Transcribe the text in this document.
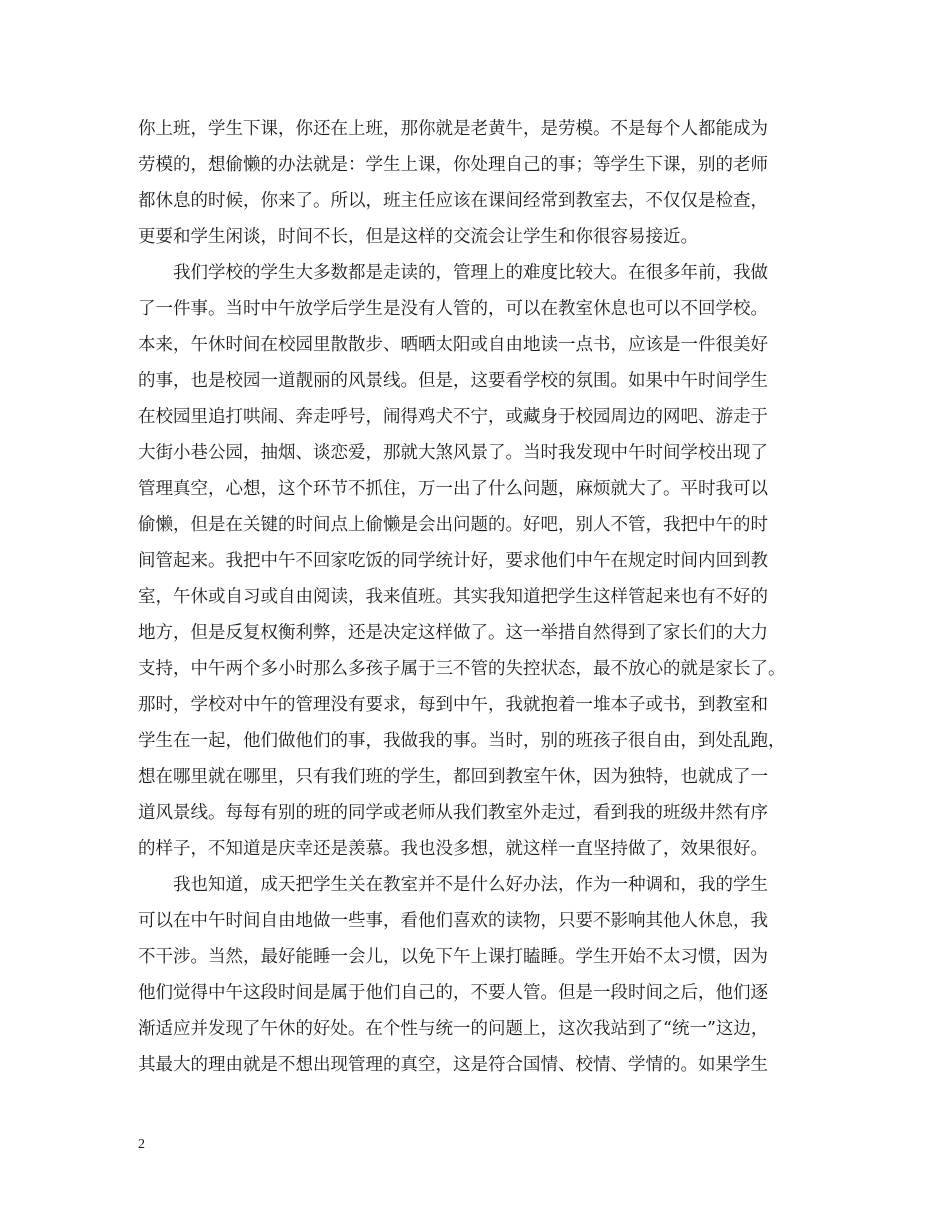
你上班，学生下课，你还在上班，那你就是老黄牛，是劳模。不是每个人都能成为
劳模的，想偷懒的办法就是：学生上课，你处理自己的事；等学生下课，别的老师
都休息的时候，你来了。所以，班主任应该在课间经常到教室去，不仅仅是检查，
更要和学生闲谈，时间不长，但是这样的交流会让学生和你很容易接近。
　　我们学校的学生大多数都是走读的，管理上的难度比较大。在很多年前，我做
了一件事。当时中午放学后学生是没有人管的，可以在教室休息也可以不回学校。
本来，午休时间在校园里散散步、晒晒太阳或自由地读一点书，应该是一件很美好
的事，也是校园一道靓丽的风景线。但是，这要看学校的氛围。如果中午时间学生
在校园里追打哄闹、奔走呼号，闹得鸡犬不宁，或藏身于校园周边的网吧、游走于
大街小巷公园，抽烟、谈恋爱，那就大煞风景了。当时我发现中午时间学校出现了
管理真空，心想，这个环节不抓住，万一出了什么问题，麻烦就大了。平时我可以
偷懒，但是在关键的时间点上偷懒是会出问题的。好吧，别人不管，我把中午的时
间管起来。我把中午不回家吃饭的同学统计好，要求他们中午在规定时间内回到教
室，午休或自习或自由阅读，我来值班。其实我知道把学生这样管起来也有不好的
地方，但是反复权衡利弊，还是决定这样做了。这一举措自然得到了家长们的大力
支持，中午两个多小时那么多孩子属于三不管的失控状态，最不放心的就是家长了。
那时，学校对中午的管理没有要求，每到中午，我就抱着一堆本子或书，到教室和
学生在一起，他们做他们的事，我做我的事。当时，别的班孩子很自由，到处乱跑，
想在哪里就在哪里，只有我们班的学生，都回到教室午休，因为独特，也就成了一
道风景线。每每有别的班的同学或老师从我们教室外走过，看到我的班级井然有序
的样子，不知道是庆幸还是羡慕。我也没多想，就这样一直坚持做了，效果很好。
　　我也知道，成天把学生关在教室并不是什么好办法，作为一种调和，我的学生
可以在中午时间自由地做一些事，看他们喜欢的读物，只要不影响其他人休息，我
不干涉。当然，最好能睡一会儿，以免下午上课打瞌睡。学生开始不太习惯，因为
他们觉得中午这段时间是属于他们自己的，不要人管。但是一段时间之后，他们逐
渐适应并发现了午休的好处。在个性与统一的问题上，这次我站到了“统一”这边，
其最大的理由就是不想出现管理的真空，这是符合国情、校情、学情的。如果学生
2
